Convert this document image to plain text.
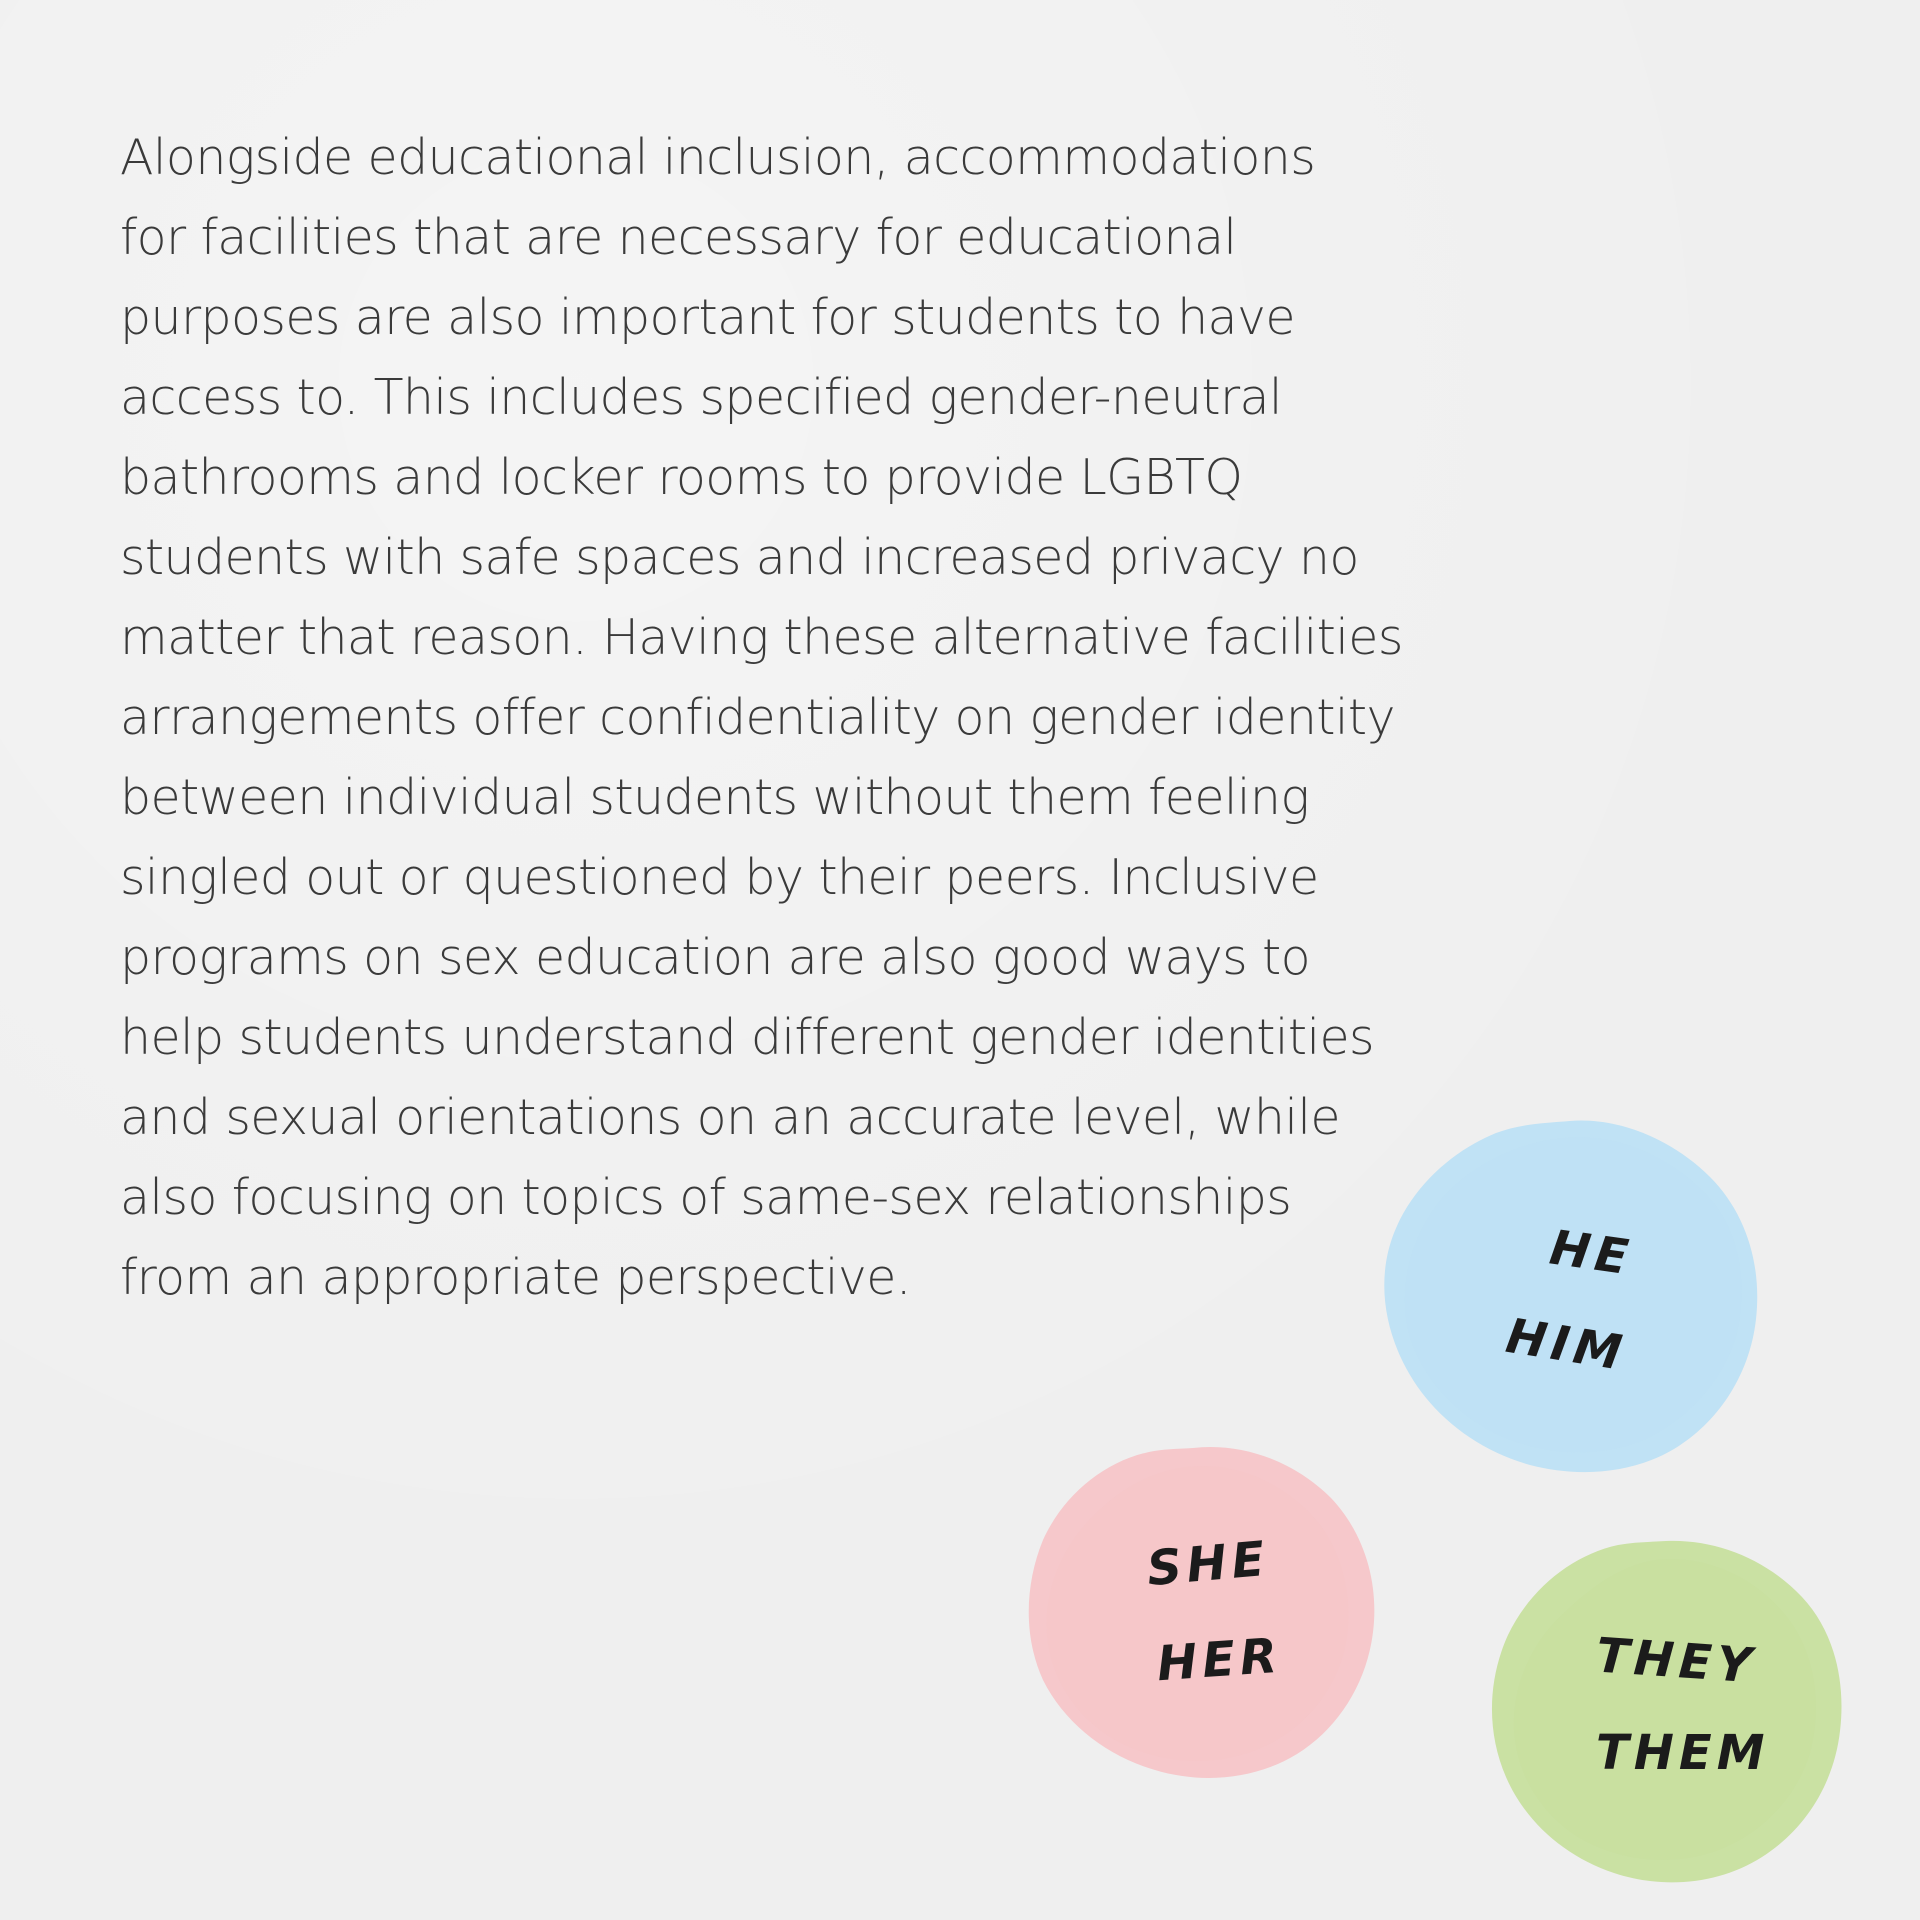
Alongside educational inclusion, accommodations
for facilities that are necessary for educational
purposes are also important for students to have
access to. This includes specified gender-neutral
bathrooms and locker rooms to provide LGBTQ
students with safe spaces and increased privacy no
matter that reason. Having these alternative facilities
arrangements offer confidentiality on gender identity
between individual students without them feeling
singled out or questioned by their peers. Inclusive
programs on sex education are also good ways to
help students understand different gender identities
and sexual orientations on an accurate level, while
also focusing on topics of same-sex relationships
from an appropriate perspective.	HE
HIM
SHE
HER	THEY
THEM
